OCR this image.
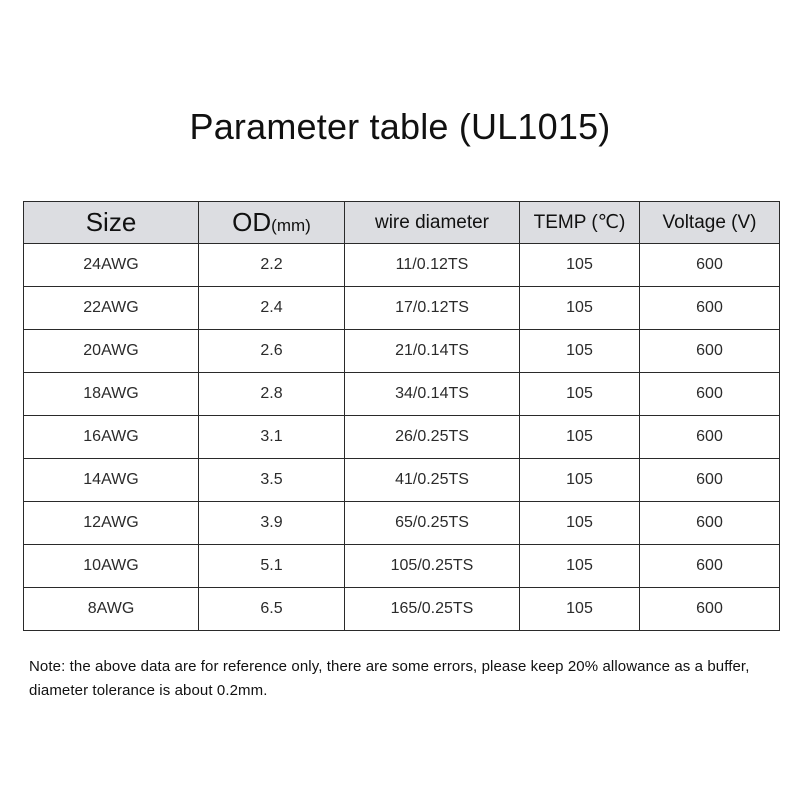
Parameter table (UL1015)
Size	OD(mm)	wire diameter	TEMP (℃)	Voltage (V)
24AWG	2.2	11/0.12TS	105	600
22AWG	2.4	17/0.12TS	105	600
20AWG	2.6	21/0.14TS	105	600
18AWG	2.8	34/0.14TS	105	600
16AWG	3.1	26/0.25TS	105	600
14AWG	3.5	41/0.25TS	105	600
12AWG	3.9	65/0.25TS	105	600
10AWG	5.1	105/0.25TS	105	600
8AWG	6.5	165/0.25TS	105	600
Note: the above data are for reference only, there are some errors, please keep 20% allowance as a buffer, diameter tolerance is about 0.2mm.
